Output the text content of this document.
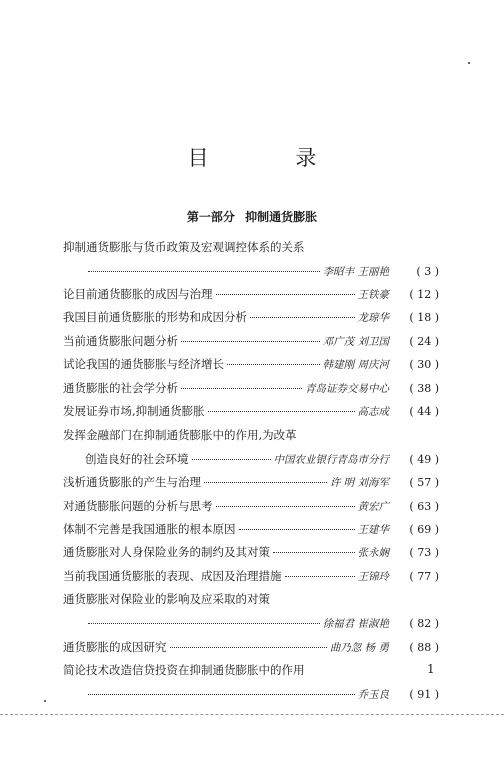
目 录
第一部分 抑制通货膨胀
抑制通货膨胀与货币政策及宏观调控体系的关系
李昭丰 王丽艳	( 3 )
论目前通货膨胀的成因与治理	王铁豪	( 12 )
我国目前通货膨胀的形势和成因分析	龙琼华	( 18 )
当前通货膨胀问题分析	邓广茂 刘卫国	( 24 )
试论我国的通货膨胀与经济增长	韩建刚 周庆河	( 30 )
通货膨胀的社会学分析	青岛证券交易中心	( 38 )
发展证券市场,抑制通货膨胀	高志成	( 44 )
发挥金融部门在抑制通货膨胀中的作用,为改革
创造良好的社会环境	中国农业银行青岛市分行	( 49 )
浅析通货膨胀的产生与治理	许 明 刘海军	( 57 )
对通货膨胀问题的分析与思考	黄宏广	( 63 )
体制不完善是我国通胀的根本原因	王建华	( 69 )
通货膨胀对人身保险业务的制约及其对策	张永娴	( 73 )
当前我国通货膨胀的表现、成因及治理措施	王锦玲	( 77 )
通货膨胀对保险业的影响及应采取的对策
徐福君 崔淑艳	( 82 )
通货膨胀的成因研究	曲乃忽 杨 勇	( 88 )
简论技术改造信贷投资在抑制通货膨胀中的作用
乔玉良	( 91 )
1
